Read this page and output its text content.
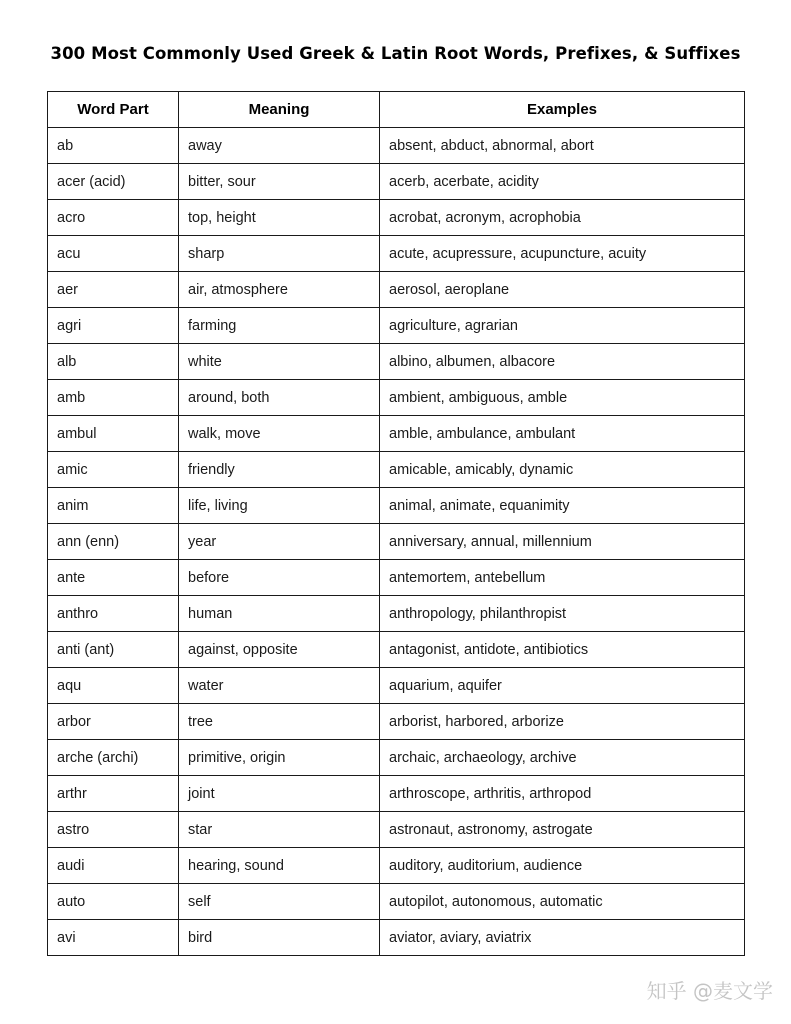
300 Most Commonly Used Greek & Latin Root Words, Prefixes, & Suffixes
Word Part	Meaning	Examples
ab	away	absent, abduct, abnormal, abort
acer (acid)	bitter, sour	acerb, acerbate, acidity
acro	top, height	acrobat, acronym, acrophobia
acu	sharp	acute, acupressure, acupuncture, acuity
aer	air, atmosphere	aerosol, aeroplane
agri	farming	agriculture, agrarian
alb	white	albino, albumen, albacore
amb	around, both	ambient, ambiguous, amble
ambul	walk, move	amble, ambulance, ambulant
amic	friendly	amicable, amicably, dynamic
anim	life, living	animal, animate, equanimity
ann (enn)	year	anniversary, annual, millennium
ante	before	antemortem, antebellum
anthro	human	anthropology, philanthropist
anti (ant)	against, opposite	antagonist, antidote, antibiotics
aqu	water	aquarium, aquifer
arbor	tree	arborist, harbored, arborize
arche (archi)	primitive, origin	archaic, archaeology, archive
arthr	joint	arthroscope, arthritis, arthropod
astro	star	astronaut, astronomy, astrogate
audi	hearing, sound	auditory, auditorium, audience
auto	self	autopilot, autonomous, automatic
avi	bird	aviator, aviary, aviatrix
知乎 @麦文学
